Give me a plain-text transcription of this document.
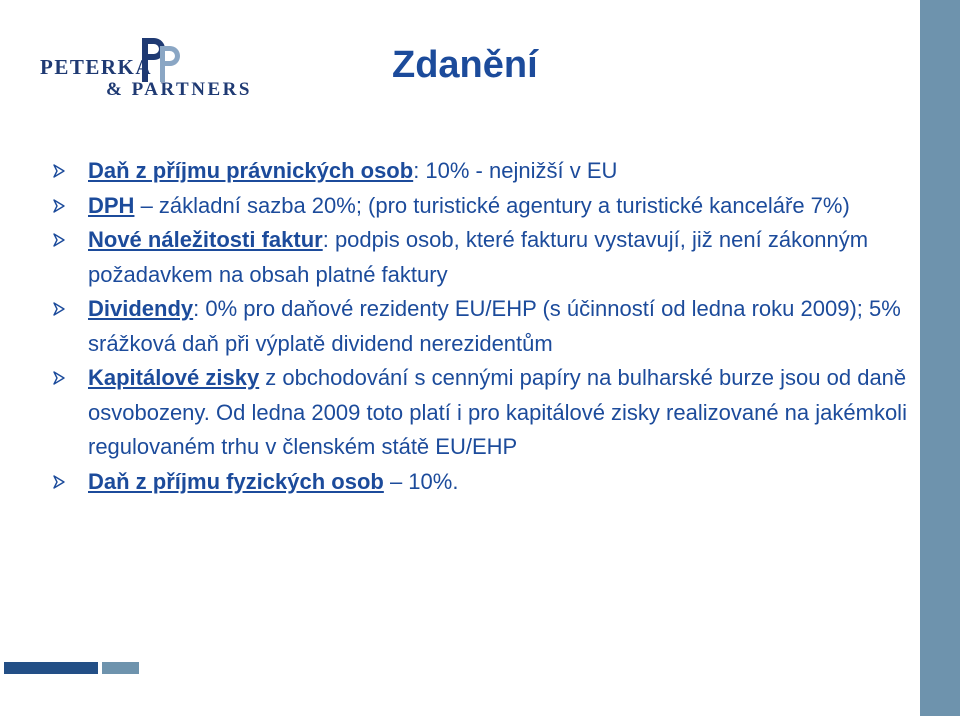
PETERKA
& PARTNERS
Zdanění
Daň z příjmu právnických osob: 10% - nejnižší v EU
DPH – základní sazba 20%; (pro turistické agentury a turistické kanceláře 7%)
Nové náležitosti faktur: podpis osob, které fakturu vystavují, již není zákonným požadavkem na obsah platné faktury
Dividendy: 0% pro daňové rezidenty EU/EHP (s účinností od ledna roku 2009); 5% srážková daň při výplatě dividend nerezidentům
Kapitálové zisky z obchodování s cennými papíry na bulharské burze jsou od daně osvobozeny. Od ledna 2009 toto platí i pro kapitálové zisky realizované na jakémkoli regulovaném trhu v členském státě EU/EHP
Daň z příjmu fyzických osob – 10%.
